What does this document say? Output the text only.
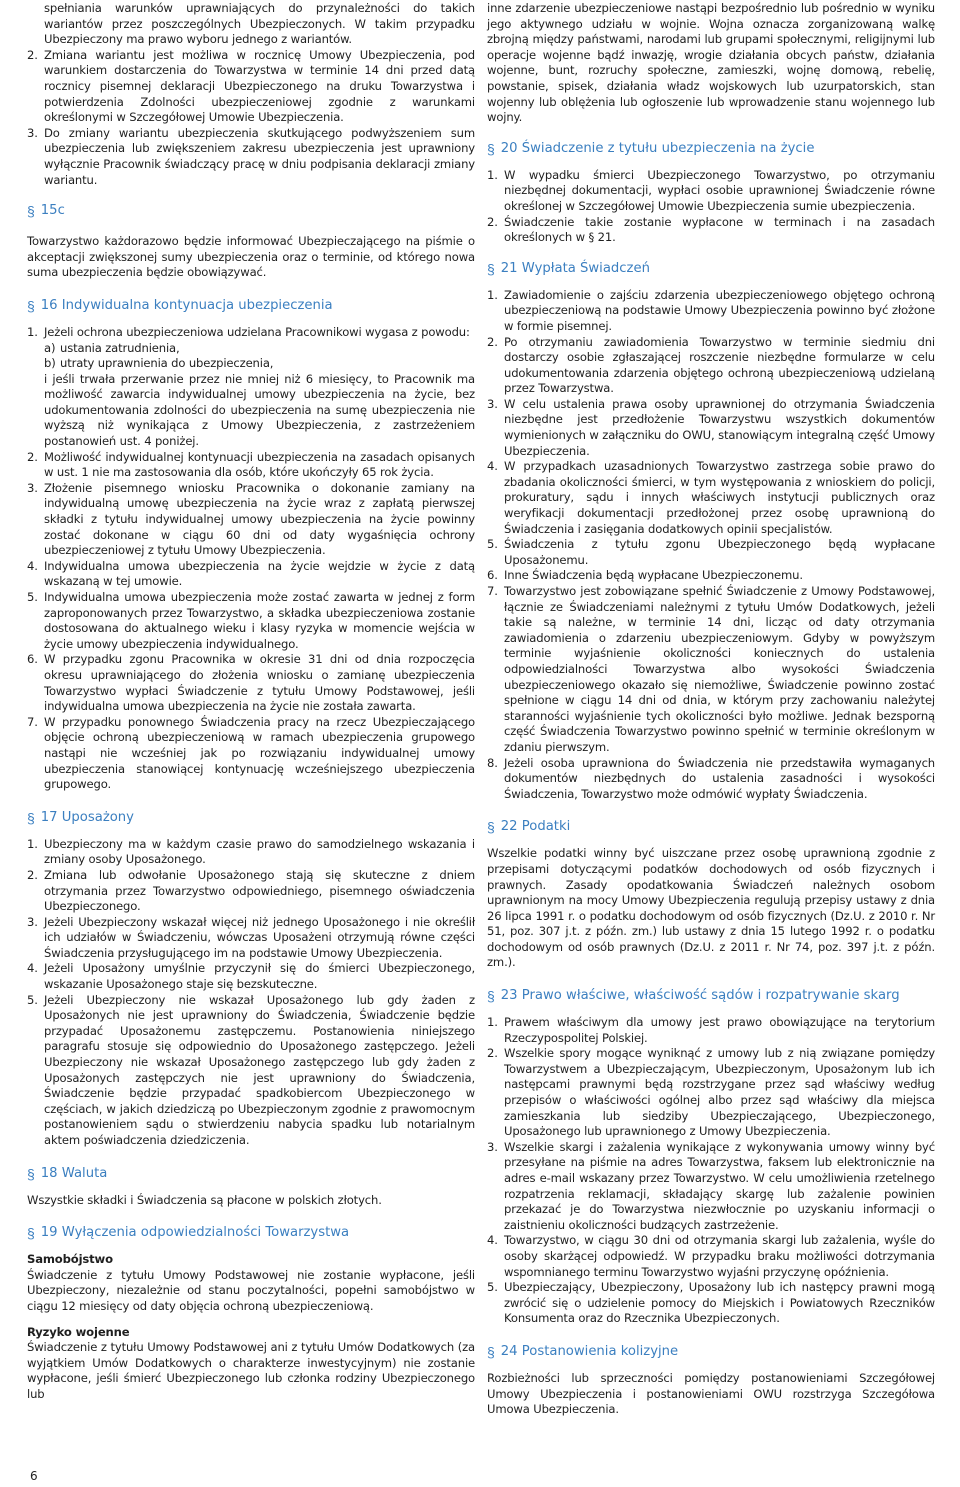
spełniania warunków uprawniających do przynależności do takich wariantów przez poszczególnych Ubezpieczonych. W takim przypadku Ubezpieczony ma prawo wyboru jednego z wariantów.
2. Zmiana wariantu jest możliwa w rocznicę Umowy Ubezpieczenia, pod warunkiem dostarczenia do Towarzystwa w terminie 14 dni przed datą rocznicy pisemnej deklaracji Ubezpieczonego na druku Towarzystwa i potwierdzenia Zdolności ubezpieczeniowej zgodnie z warunkami określonymi w Szczegółowej Umowie Ubezpieczenia.
3. Do zmiany wariantu ubezpieczenia skutkującego podwyższeniem sum ubezpieczenia lub zwiększeniem zakresu ubezpieczenia jest uprawniony wyłącznie Pracownik świadczący pracę w dniu podpisania deklaracji zmiany wariantu.
§ 15c

Towarzystwo każdorazowo będzie informować Ubezpieczającego na piśmie o akceptacji zwiększonej sumy ubezpieczenia oraz o terminie, od którego nowa suma ubezpieczenia będzie obowiązywać.

§ 16 Indywidualna kontynuacja ubezpieczenia
1. Jeżeli ochrona ubezpieczeniowa udzielana Pracownikowi wygasa z powodu:
a) ustania zatrudnienia,
b) utraty uprawnienia do ubezpieczenia,
i jeśli trwała przerwanie przez nie mniej niż 6 miesięcy, to Pracownik ma możliwość zawarcia indywidualnej umowy ubezpieczenia na życie, bez udokumentowania zdolności do ubezpieczenia na sumę ubezpieczenia nie wyższą niż wynikająca z Umowy Ubezpieczenia, z zastrzeżeniem postanowień ust. 4 poniżej.
2. Możliwość indywidualnej kontynuacji ubezpieczenia na zasadach opisanych w ust. 1 nie ma zastosowania dla osób, które ukończyły 65 rok życia.
3. Złożenie pisemnego wniosku Pracownika o dokonanie zamiany na indywidualną umowę ubezpieczenia na życie wraz z zapłatą pierwszej składki z tytułu indywidualnej umowy ubezpieczenia na życie powinny zostać dokonane w ciągu 60 dni od daty wygaśnięcia ochrony ubezpieczeniowej z tytułu Umowy Ubezpieczenia.
4. Indywidualna umowa ubezpieczenia na życie wejdzie w życie z datą wskazaną w tej umowie.
5. Indywidualna umowa ubezpieczenia może zostać zawarta w jednej z form zaproponowanych przez Towarzystwo, a składka ubezpieczeniowa zostanie dostosowana do aktualnego wieku i klasy ryzyka w momencie wejścia w życie umowy ubezpieczenia indywidualnego.
6. W przypadku zgonu Pracownika w okresie 31 dni od dnia rozpoczęcia okresu uprawniającego do złożenia wniosku o zamianę ubezpieczenia Towarzystwo wypłaci Świadczenie z tytułu Umowy Podstawowej, jeśli indywidualna umowa ubezpieczenia na życie nie została zawarta.
7. W przypadku ponownego Świadczenia pracy na rzecz Ubezpieczającego objęcie ochroną ubezpieczeniową w ramach ubezpieczenia grupowego nastąpi nie wcześniej jak po rozwiązaniu indywidualnej umowy ubezpieczenia stanowiącej kontynuację wcześniejszego ubezpieczenia grupowego.
§ 17 Uposażony
1. Ubezpieczony ma w każdym czasie prawo do samodzielnego wskazania i zmiany osoby Uposażonego.
2. Zmiana lub odwołanie Uposażonego stają się skuteczne z dniem otrzymania przez Towarzystwo odpowiedniego, pisemnego oświadczenia Ubezpieczonego.
3. Jeżeli Ubezpieczony wskazał więcej niż jednego Uposażonego i nie określił ich udziałów w Świadczeniu, wówczas Uposażeni otrzymują równe części Świadczenia przysługującego im na podstawie Umowy Ubezpieczenia.
4. Jeżeli Uposażony umyślnie przyczynił się do śmierci Ubezpieczonego, wskazanie Uposażonego staje się bezskuteczne.
5. Jeżeli Ubezpieczony nie wskazał Uposażonego lub gdy żaden z Uposażonych nie jest uprawniony do Świadczenia, Świadczenie będzie przypadać Uposażonemu zastępczemu. Postanowienia niniejszego paragrafu stosuje się odpowiednio do Uposażonego zastępczego. Jeżeli Ubezpieczony nie wskazał Uposażonego zastępczego lub gdy żaden z Uposażonych zastępczych nie jest uprawniony do Świadczenia, Świadczenie będzie przypadać spadkobiercom Ubezpieczonego w częściach, w jakich dziedziczą po Ubezpieczonym zgodnie z prawomocnym postanowieniem sądu o stwierdzeniu nabycia spadku lub notarialnym aktem poświadczenia dziedziczenia.
§ 18 Waluta

Wszystkie składki i Świadczenia są płacone w polskich złotych.

§ 19 Wyłączenia odpowiedzialności Towarzystwa
Samobójstwo

Świadczenie z tytułu Umowy Podstawowej nie zostanie wypłacone, jeśli Ubezpieczony, niezależnie od stanu poczytalności, popełni samobójstwo w ciągu 12 miesięcy od daty objęcia ochroną ubezpieczeniową.

Ryzyko wojenne

Świadczenie z tytułu Umowy Podstawowej ani z tytułu Umów Dodatkowych (za wyjątkiem Umów Dodatkowych o charakterze inwestycyjnym) nie zostanie wypłacone, jeśli śmierć Ubezpieczonego lub członka rodziny Ubezpieczonego lub

inne zdarzenie ubezpieczeniowe nastąpi bezpośrednio lub pośrednio w wyniku jego aktywnego udziału w wojnie. Wojna oznacza zorganizowaną walkę zbrojną między państwami, narodami lub grupami społecznymi, religijnymi lub operacje wojenne bądź inwazję, wrogie działania obcych państw, działania wojenne, bunt, rozruchy społeczne, zamieszki, wojnę domową, rebelię, powstanie, spisek, działania władz wojskowych lub uzurpatorskich, stan wojenny lub oblężenia lub ogłoszenie lub wprowadzenie stanu wojennego lub wojny.

§ 20 Świadczenie z tytułu ubezpieczenia na życie
1. W wypadku śmierci Ubezpieczonego Towarzystwo, po otrzymaniu niezbędnej dokumentacji, wypłaci osobie uprawnionej Świadczenie równe określonej w Szczegółowej Umowie Ubezpieczenia sumie ubezpieczenia.
2. Świadczenie takie zostanie wypłacone w terminach i na zasadach określonych w § 21.
§ 21 Wypłata Świadczeń
1. Zawiadomienie o zajściu zdarzenia ubezpieczeniowego objętego ochroną ubezpieczeniową na podstawie Umowy Ubezpieczenia powinno być złożone w formie pisemnej.
2. Po otrzymaniu zawiadomienia Towarzystwo w terminie siedmiu dni dostarczy osobie zgłaszającej roszczenie niezbędne formularze w celu udokumentowania zdarzenia objętego ochroną ubezpieczeniową udzielaną przez Towarzystwa.
3. W celu ustalenia prawa osoby uprawnionej do otrzymania Świadczenia niezbędne jest przedłożenie Towarzystwu wszystkich dokumentów wymienionych w załączniku do OWU, stanowiącym integralną część Umowy Ubezpieczenia.
4. W przypadkach uzasadnionych Towarzystwo zastrzega sobie prawo do zbadania okoliczności śmierci, w tym występowania z wnioskiem do policji, prokuratury, sądu i innych właściwych instytucji publicznych oraz weryfikacji dokumentacji przedłożonej przez osobę uprawnioną do Świadczenia i zasięgania dodatkowych opinii specjalistów.
5. Świadczenia z tytułu zgonu Ubezpieczonego będą wypłacane Uposażonemu.
6. Inne Świadczenia będą wypłacane Ubezpieczonemu.
7. Towarzystwo jest zobowiązane spełnić Świadczenie z Umowy Podstawowej, łącznie ze Świadczeniami należnymi z tytułu Umów Dodatkowych, jeżeli takie są należne, w terminie 14 dni, licząc od daty otrzymania zawiadomienia o zdarzeniu ubezpieczeniowym. Gdyby w powyższym terminie wyjaśnienie okoliczności koniecznych do ustalenia odpowiedzialności Towarzystwa albo wysokości Świadczenia ubezpieczeniowego okazało się niemożliwe, Świadczenie powinno zostać spełnione w ciągu 14 dni od dnia, w którym przy zachowaniu należytej staranności wyjaśnienie tych okoliczności było możliwe. Jednak bezsporną część Świadczenia Towarzystwo powinno spełnić w terminie określonym w zdaniu pierwszym.
8. Jeżeli osoba uprawniona do Świadczenia nie przedstawiła wymaganych dokumentów niezbędnych do ustalenia zasadności i wysokości Świadczenia, Towarzystwo może odmówić wypłaty Świadczenia.
§ 22 Podatki

Wszelkie podatki winny być uiszczane przez osobę uprawnioną zgodnie z przepisami dotyczącymi podatków dochodowych od osób fizycznych i prawnych. Zasady opodatkowania Świadczeń należnych osobom uprawnionym na mocy Umowy Ubezpieczenia regulują przepisy ustawy z dnia 26 lipca 1991 r. o podatku dochodowym od osób fizycznych (Dz.U. z 2010 r. Nr 51, poz. 307 j.t. z późn. zm.) lub ustawy z dnia 15 lutego 1992 r. o podatku dochodowym od osób prawnych (Dz.U. z 2011 r. Nr 74, poz. 397 j.t. z późn. zm.).

§ 23 Prawo właściwe, właściwość sądów i rozpatrywanie skarg
1. Prawem właściwym dla umowy jest prawo obowiązujące na terytorium Rzeczypospolitej Polskiej.
2. Wszelkie spory mogące wyniknąć z umowy lub z nią związane pomiędzy Towarzystwem a Ubezpieczającym, Ubezpieczonym, Uposażonym lub ich następcami prawnymi będą rozstrzygane przez sąd właściwy według przepisów o właściwości ogólnej albo przez sąd właściwy dla miejsca zamieszkania lub siedziby Ubezpieczającego, Ubezpieczonego, Uposażonego lub uprawnionego z Umowy Ubezpieczenia.
3. Wszelkie skargi i zażalenia wynikające z wykonywania umowy winny być przesyłane na piśmie na adres Towarzystwa, faksem lub elektronicznie na adres e-mail wskazany przez Towarzystwo. W celu umożliwienia rzetelnego rozpatrzenia reklamacji, składający skargę lub zażalenie powinien przekazać je do Towarzystwa niezwłocznie po uzyskaniu informacji o zaistnieniu okoliczności budzących zastrzeżenie.
4. Towarzystwo, w ciągu 30 dni od otrzymania skargi lub zażalenia, wyśle do osoby skarżącej odpowiedź. W przypadku braku możliwości dotrzymania wspomnianego terminu Towarzystwo wyjaśni przyczynę opóźnienia.
5. Ubezpieczający, Ubezpieczony, Uposażony lub ich następcy prawni mogą zwrócić się o udzielenie pomocy do Miejskich i Powiatowych Rzeczników Konsumenta oraz do Rzecznika Ubezpieczonych.
§ 24 Postanowienia kolizyjne

Rozbieżności lub sprzeczności pomiędzy postanowieniami Szczegółowej Umowy Ubezpieczenia i postanowieniami OWU rozstrzyga Szczegółowa Umowa Ubezpieczenia.

6
